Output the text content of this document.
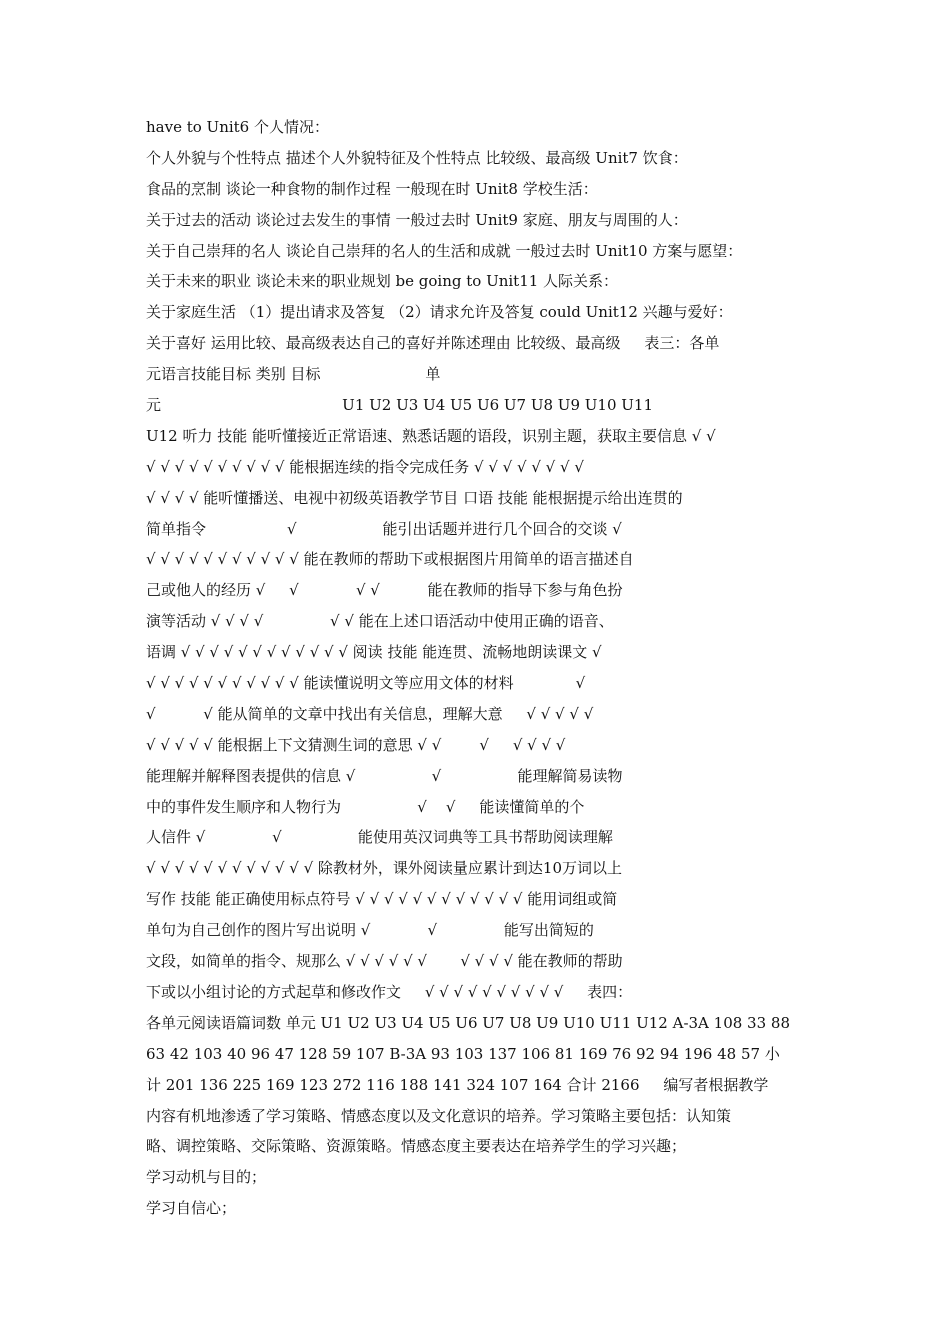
have to Unit6 个人情况：
个人外貌与个性特点 描述个人外貌特征及个性特点 比较级、最高级 Unit7 饮食：
食品的烹制 谈论一种食物的制作过程 一般现在时 Unit8 学校生活：
关于过去的活动 谈论过去发生的事情 一般过去时 Unit9 家庭、朋友与周围的人：
关于自己崇拜的名人 谈论自己崇拜的名人的生活和成就 一般过去时 Unit10 方案与愿望：
关于未来的职业 谈论未来的职业规划 be going to Unit11 人际关系：
关于家庭生活 （1）提出请求及答复 （2）请求允许及答复 could Unit12 兴趣与爱好：
关于喜好 运用比较、最高级表达自己的喜好并陈述理由 比较级、最高级     表三：各单
元语言技能目标 类别 目标                      单
元                                      U1 U2 U3 U4 U5 U6 U7 U8 U9 U10 U11
U12 听力 技能 能听懂接近正常语速、熟悉话题的语段，识别主题，获取主要信息 √ √
√ √ √ √ √ √ √ √ √ √ 能根据连续的指令完成任务 √ √ √ √ √ √ √ √
√ √ √ √ 能听懂播送、电视中初级英语教学节目 口语 技能 能根据提示给出连贯的
简单指令                 √                  能引出话题并进行几个回合的交谈 √
√ √ √ √ √ √ √ √ √ √ √ 能在教师的帮助下或根据图片用简单的语言描述自
己或他人的经历 √     √            √ √          能在教师的指导下参与角色扮
演等活动 √ √ √ √              √ √ 能在上述口语活动中使用正确的语音、
语调 √ √ √ √ √ √ √ √ √ √ √ √ 阅读 技能 能连贯、流畅地朗读课文 √
√ √ √ √ √ √ √ √ √ √ √ 能读懂说明文等应用文体的材料             √
√          √ 能从简单的文章中找出有关信息，理解大意     √ √ √ √ √
√ √ √ √ √ 能根据上下文猜测生词的意思 √ √        √     √ √ √ √
能理解并解释图表提供的信息 √                √                能理解简易读物
中的事件发生顺序和人物行为                √    √     能读懂简单的个
人信件 √              √                能使用英汉词典等工具书帮助阅读理解
√ √ √ √ √ √ √ √ √ √ √ √ 除教材外，课外阅读量应累计到达10万词以上
写作 技能 能正确使用标点符号 √ √ √ √ √ √ √ √ √ √ √ √ 能用词组或简
单句为自己创作的图片写出说明 √            √              能写出简短的
文段，如简单的指令、规那么 √ √ √ √ √ √       √ √ √ √ 能在教师的帮助
下或以小组讨论的方式起草和修改作文     √ √ √ √ √ √ √ √ √ √     表四：
各单元阅读语篇词数 单元 U1 U2 U3 U4 U5 U6 U7 U8 U9 U10 U11 U12 A-3A 108 33 88
63 42 103 40 96 47 128 59 107 B-3A 93 103 137 106 81 169 76 92 94 196 48 57 小
计 201 136 225 169 123 272 116 188 141 324 107 164 合计 2166     编写者根据教学
内容有机地渗透了学习策略、情感态度以及文化意识的培养。学习策略主要包括：认知策
略、调控策略、交际策略、资源策略。情感态度主要表达在培养学生的学习兴趣；
学习动机与目的；
学习自信心；
